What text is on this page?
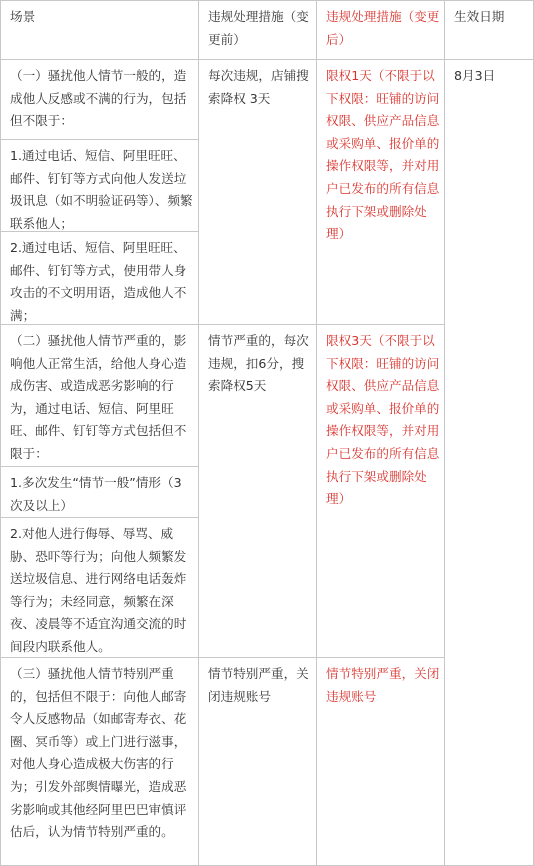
场景	违规处理措施（变更前）
违规处理措施（变更后）
生效日期
（一）骚扰他人情节一般的，造成他人反感或不满的行为，包括但不限于：
1.通过电话、短信、阿里旺旺、邮件、钉钉等方式向他人发送垃圾讯息（如不明验证码等）、频繁联系他人；
2.通过电话、短信、阿里旺旺、邮件、钉钉等方式，使用带人身攻击的不文明用语，造成他人不满；
每次违规，店铺搜索降权 3天
限权1天（不限于以下权限：旺铺的访问权限、供应产品信息或采购单、报价单的操作权限等，并对用户已发布的所有信息执行下架或删除处理）
8月3日
（二）骚扰他人情节严重的，影响他人正常生活，给他人身心造成伤害、或造成恶劣影响的行为，通过电话、短信、阿里旺旺、邮件、钉钉等方式包括但不限于：
1.多次发生“情节一般”情形（3次及以上）
2.对他人进行侮辱、辱骂、威胁、恐吓等行为；向他人频繁发送垃圾信息、进行网络电话轰炸等行为；未经同意，频繁在深夜、凌晨等不适宜沟通交流的时间段内联系他人。
情节严重的，每次违规，扣6分，搜索降权5天
限权3天（不限于以下权限：旺铺的访问权限、供应产品信息或采购单、报价单的操作权限等，并对用户已发布的所有信息执行下架或删除处理）
（三）骚扰他人情节特别严重的，包括但不限于：向他人邮寄令人反感物品（如邮寄寿衣、花圈、冥币等）或上门进行滋事，对他人身心造成极大伤害的行为；引发外部舆情曝光，造成恶劣影响或其他经阿里巴巴审慎评估后，认为情节特别严重的。
情节特别严重，关闭违规账号
情节特别严重，关闭违规账号
